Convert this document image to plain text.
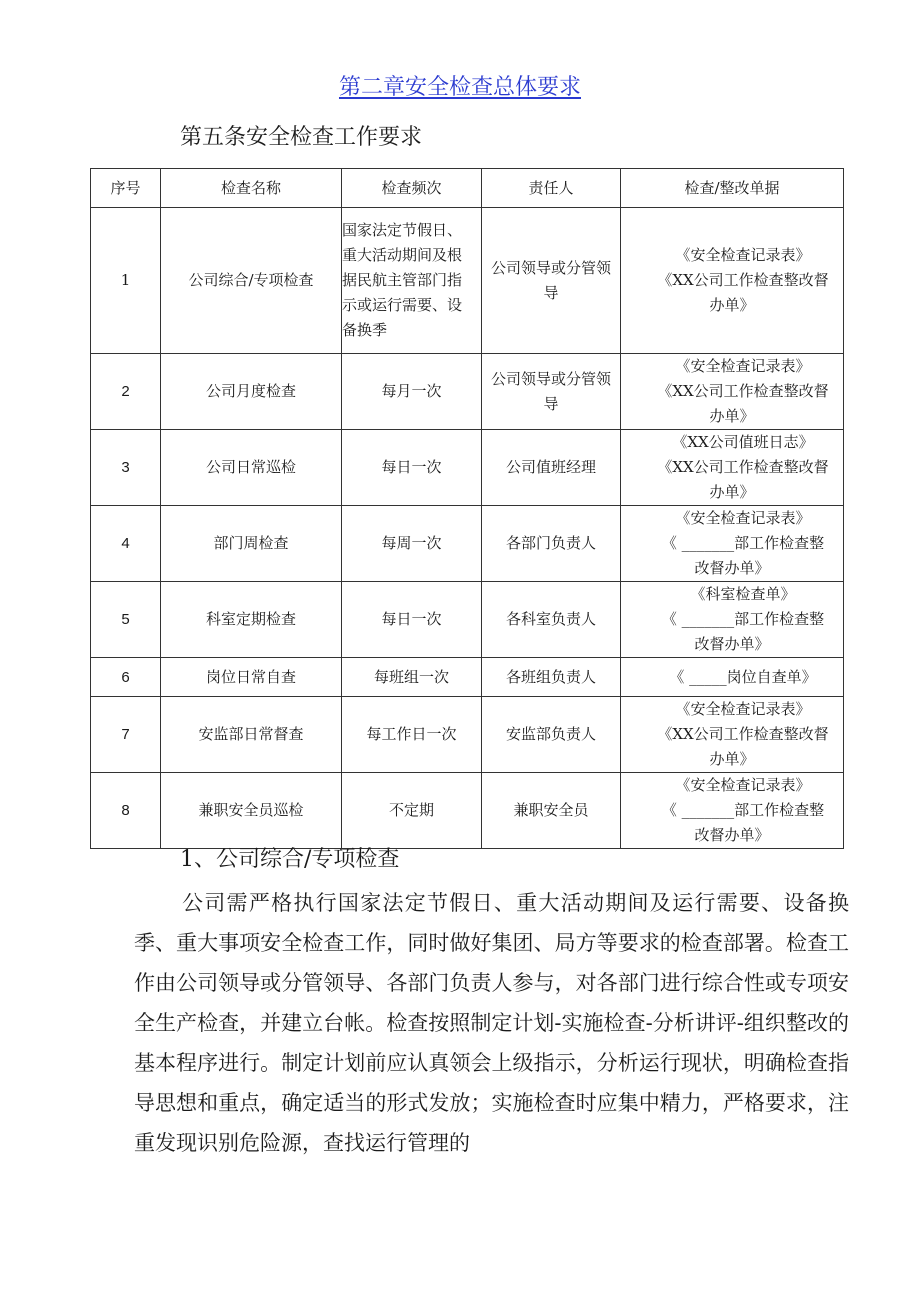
第二章安全检查总体要求
第五条安全检查工作要求
序号	检查名称	检查频次	责任人	检查/整改单据
1	公司综合/专项检查	国家法定节假日、
重大活动期间及根
据民航主管部门指
示或运行需要、设
备换季	公司领导或分管领
导	《安全检查记录表》
《XX公司工作检查整改督
办单》

2	公司月度检查	每月一次	公司领导或分管领
导	《安全检查记录表》
《XX公司工作检查整改督
办单》

3	公司日常巡检	每日一次	公司值班经理	《XX公司值班日志》
《XX公司工作检查整改督
办单》

4	部门周检查	每周一次	各部门负责人	《安全检查记录表》
《 _______部工作检查整
改督办单》

5	科室定期检查	每日一次	各科室负责人	《科室检查单》
《 _______部工作检查整
改督办单》

6	岗位日常自查	每班组一次	各班组负责人	《 _____岗位自查单》

7	安监部日常督查	每工作日一次	安监部负责人	《安全检查记录表》
《XX公司工作检查整改督
办单》

8	兼职安全员巡检	不定期	兼职安全员	《安全检查记录表》
《 _______部工作检查整
改督办单》
1、公司综合/专项检查

公司需严格执行国家法定节假日、重大活动期间及运行需要、设备换季、重大事项安全检查工作，同时做好集团、局方等要求的检查部署。检查工作由公司领导或分管领导、各部门负责人参与，对各部门进行综合性或专项安全生产检查，并建立台帐。检查按照制定计划-实施检查-分析讲评-组织整改的基本程序进行。制定计划前应认真领会上级指示，分析运行现状，明确检查指导思想和重点，确定适当的形式发放；实施检查时应集中精力，严格要求，注重发现识别危险源，查找运行管理的
